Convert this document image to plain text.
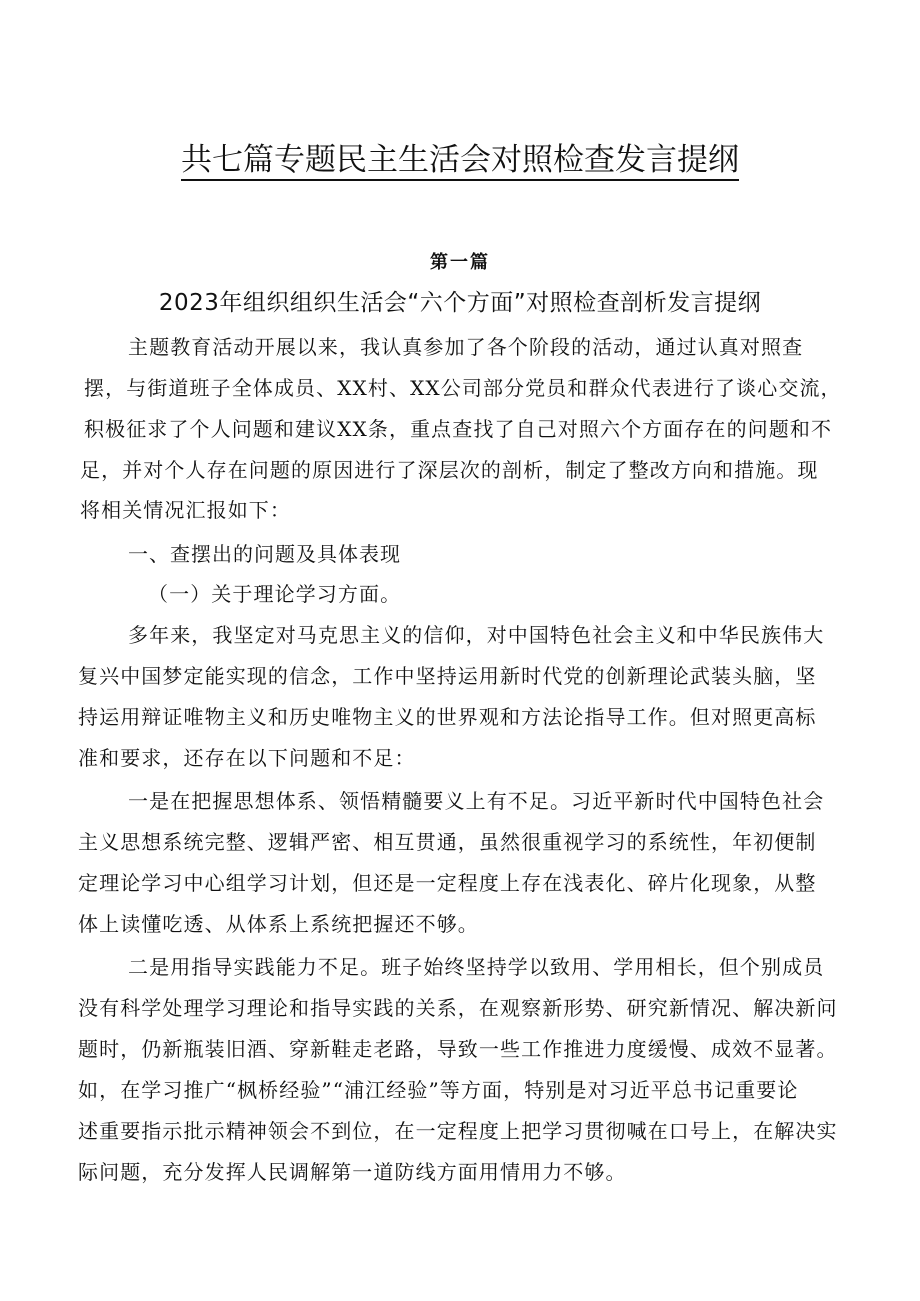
共七篇专题民主生活会对照检查发言提纲
第一篇
2023年组织组织生活会“六个方面”对照检查剖析发言提纲
主题教育活动开展以来，我认真参加了各个阶段的活动，通过认真对照查
摆，与街道班子全体成员、XX村、XX公司部分党员和群众代表进行了谈心交流，
积极征求了个人问题和建议XX条，重点查找了自己对照六个方面存在的问题和不
足，并对个人存在问题的原因进行了深层次的剖析，制定了整改方向和措施。现
将相关情况汇报如下：
一、查摆出的问题及具体表现
（一）关于理论学习方面。
多年来，我坚定对马克思主义的信仰，对中国特色社会主义和中华民族伟大
复兴中国梦定能实现的信念，工作中坚持运用新时代党的创新理论武装头脑，坚
持运用辩证唯物主义和历史唯物主义的世界观和方法论指导工作。但对照更高标
准和要求，还存在以下问题和不足：
一是在把握思想体系、领悟精髓要义上有不足。习近平新时代中国特色社会
主义思想系统完整、逻辑严密、相互贯通，虽然很重视学习的系统性，年初便制
定理论学习中心组学习计划，但还是一定程度上存在浅表化、碎片化现象，从整
体上读懂吃透、从体系上系统把握还不够。
二是用指导实践能力不足。班子始终坚持学以致用、学用相长，但个别成员
没有科学处理学习理论和指导实践的关系，在观察新形势、研究新情况、解决新问
题时，仍新瓶装旧酒、穿新鞋走老路，导致一些工作推进力度缓慢、成效不显著。
如，在学习推广“枫桥经验”“浦江经验”等方面，特别是对习近平总书记重要论
述重要指示批示精神领会不到位，在一定程度上把学习贯彻喊在口号上，在解决实
际问题，充分发挥人民调解第一道防线方面用情用力不够。
